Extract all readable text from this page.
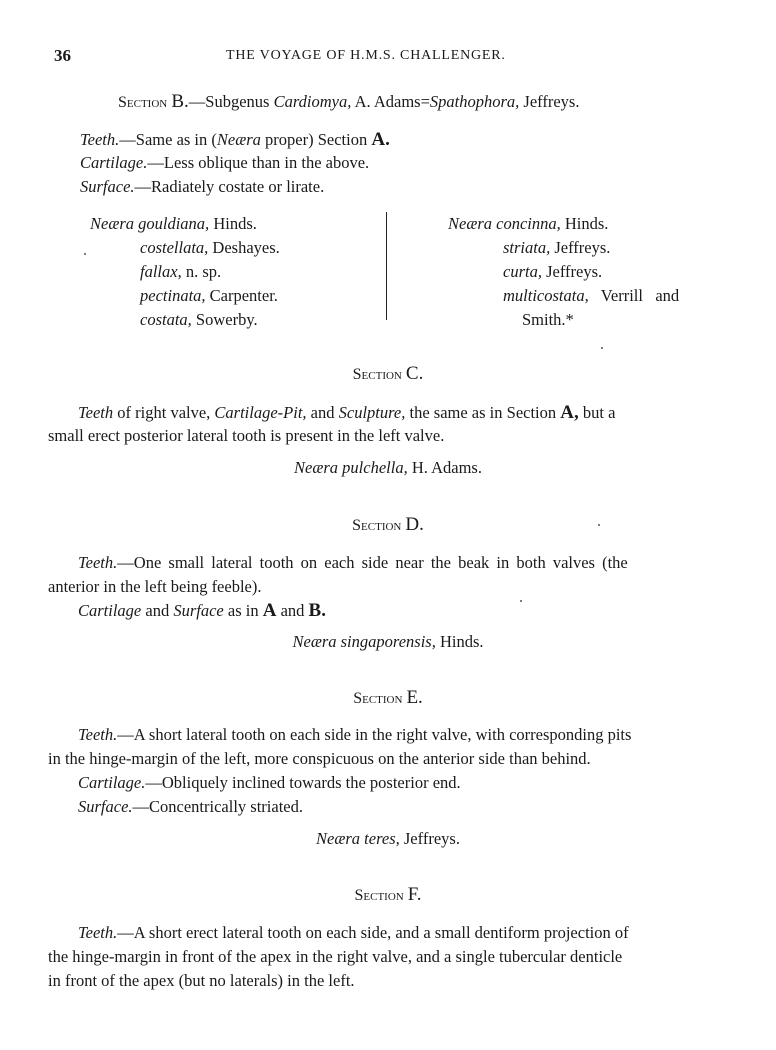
36	THE VOYAGE OF H.M.S. CHALLENGER.
Section B.—Subgenus Cardiomya, A. Adams=Spathophora, Jeffreys.
Teeth.—Same as in (Neæra proper) Section A.
Cartilage.—Less oblique than in the above.
Surface.—Radiately costate or lirate.
Neæra gouldiana, Hinds.
costellata, Deshayes.
fallax, n. sp.
pectinata, Carpenter.
costata, Sowerby.
Neæra concinna, Hinds.
striata, Jeffreys.
curta, Jeffreys.
multicostata,   Verrill   and
Smith.*
Section C.
Teeth of right valve, Cartilage-Pit, and Sculpture, the same as in Section A, but a
small erect posterior lateral tooth is present in the left valve.
Neæra pulchella, H. Adams.
Section D.
Teeth.—One small lateral tooth on each side near the beak in both valves (the
anterior in the left being feeble).
Cartilage and Surface as in A and B.
Neæra singaporensis, Hinds.
Section E.
Teeth.—A short lateral tooth on each side in the right valve, with corresponding pits
in the hinge-margin of the left, more conspicuous on the anterior side than behind.
Cartilage.—Obliquely inclined towards the posterior end.
Surface.—Concentrically striated.
Neæra teres, Jeffreys.
Section F.
Teeth.—A short erect lateral tooth on each side, and a small dentiform projection of
the hinge-margin in front of the apex in the right valve, and a single tubercular denticle
in front of the apex (but no laterals) in the left.
